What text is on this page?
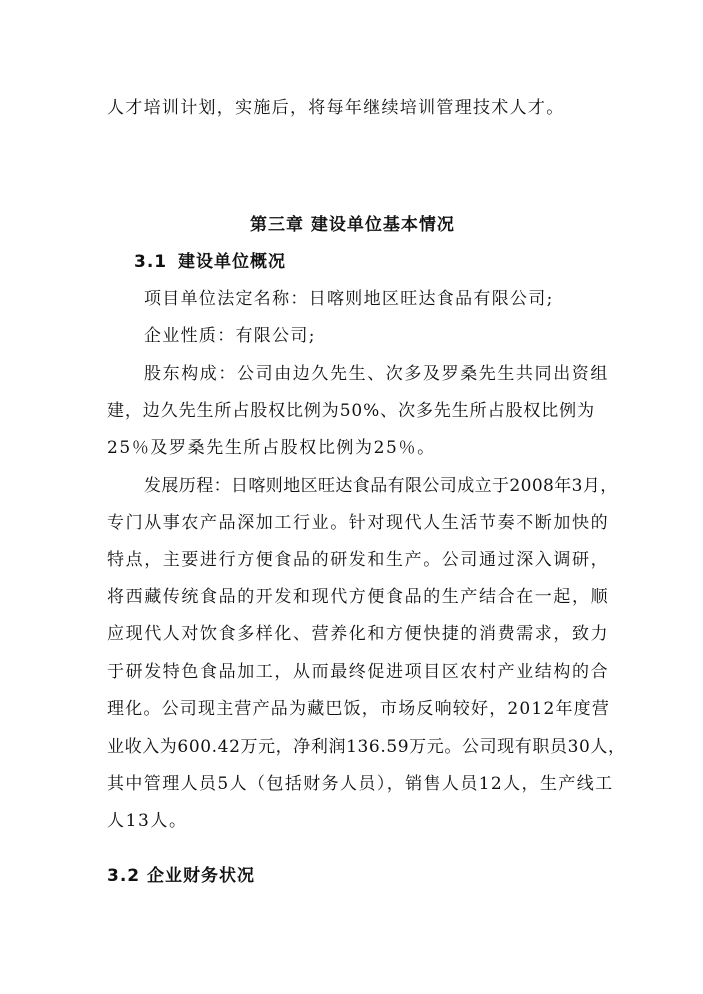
人才培训计划，实施后，将每年继续培训管理技术人才。
第三章 建设单位基本情况
3.1 建设单位概况
项目单位法定名称：日喀则地区旺达食品有限公司;
企业性质：有限公司;
股东构成：公司由边久先生、次多及罗桑先生共同出资组
建，边久先生所占股权比例为50%、次多先生所占股权比例为
25％及罗桑先生所占股权比例为25％。
发展历程：日喀则地区旺达食品有限公司成立于2008年3月，
专门从事农产品深加工行业。针对现代人生活节奏不断加快的
特点，主要进行方便食品的研发和生产。公司通过深入调研，
将西藏传统食品的开发和现代方便食品的生产结合在一起，顺
应现代人对饮食多样化、营养化和方便快捷的消费需求，致力
于研发特色食品加工，从而最终促进项目区农村产业结构的合
理化。公司现主营产品为藏巴饭，市场反响较好，2012年度营
业收入为600.42万元，净利润136.59万元。公司现有职员30人，
其中管理人员5人（包括财务人员），销售人员12人，生产线工
人13人。
3.2 企业财务状况
